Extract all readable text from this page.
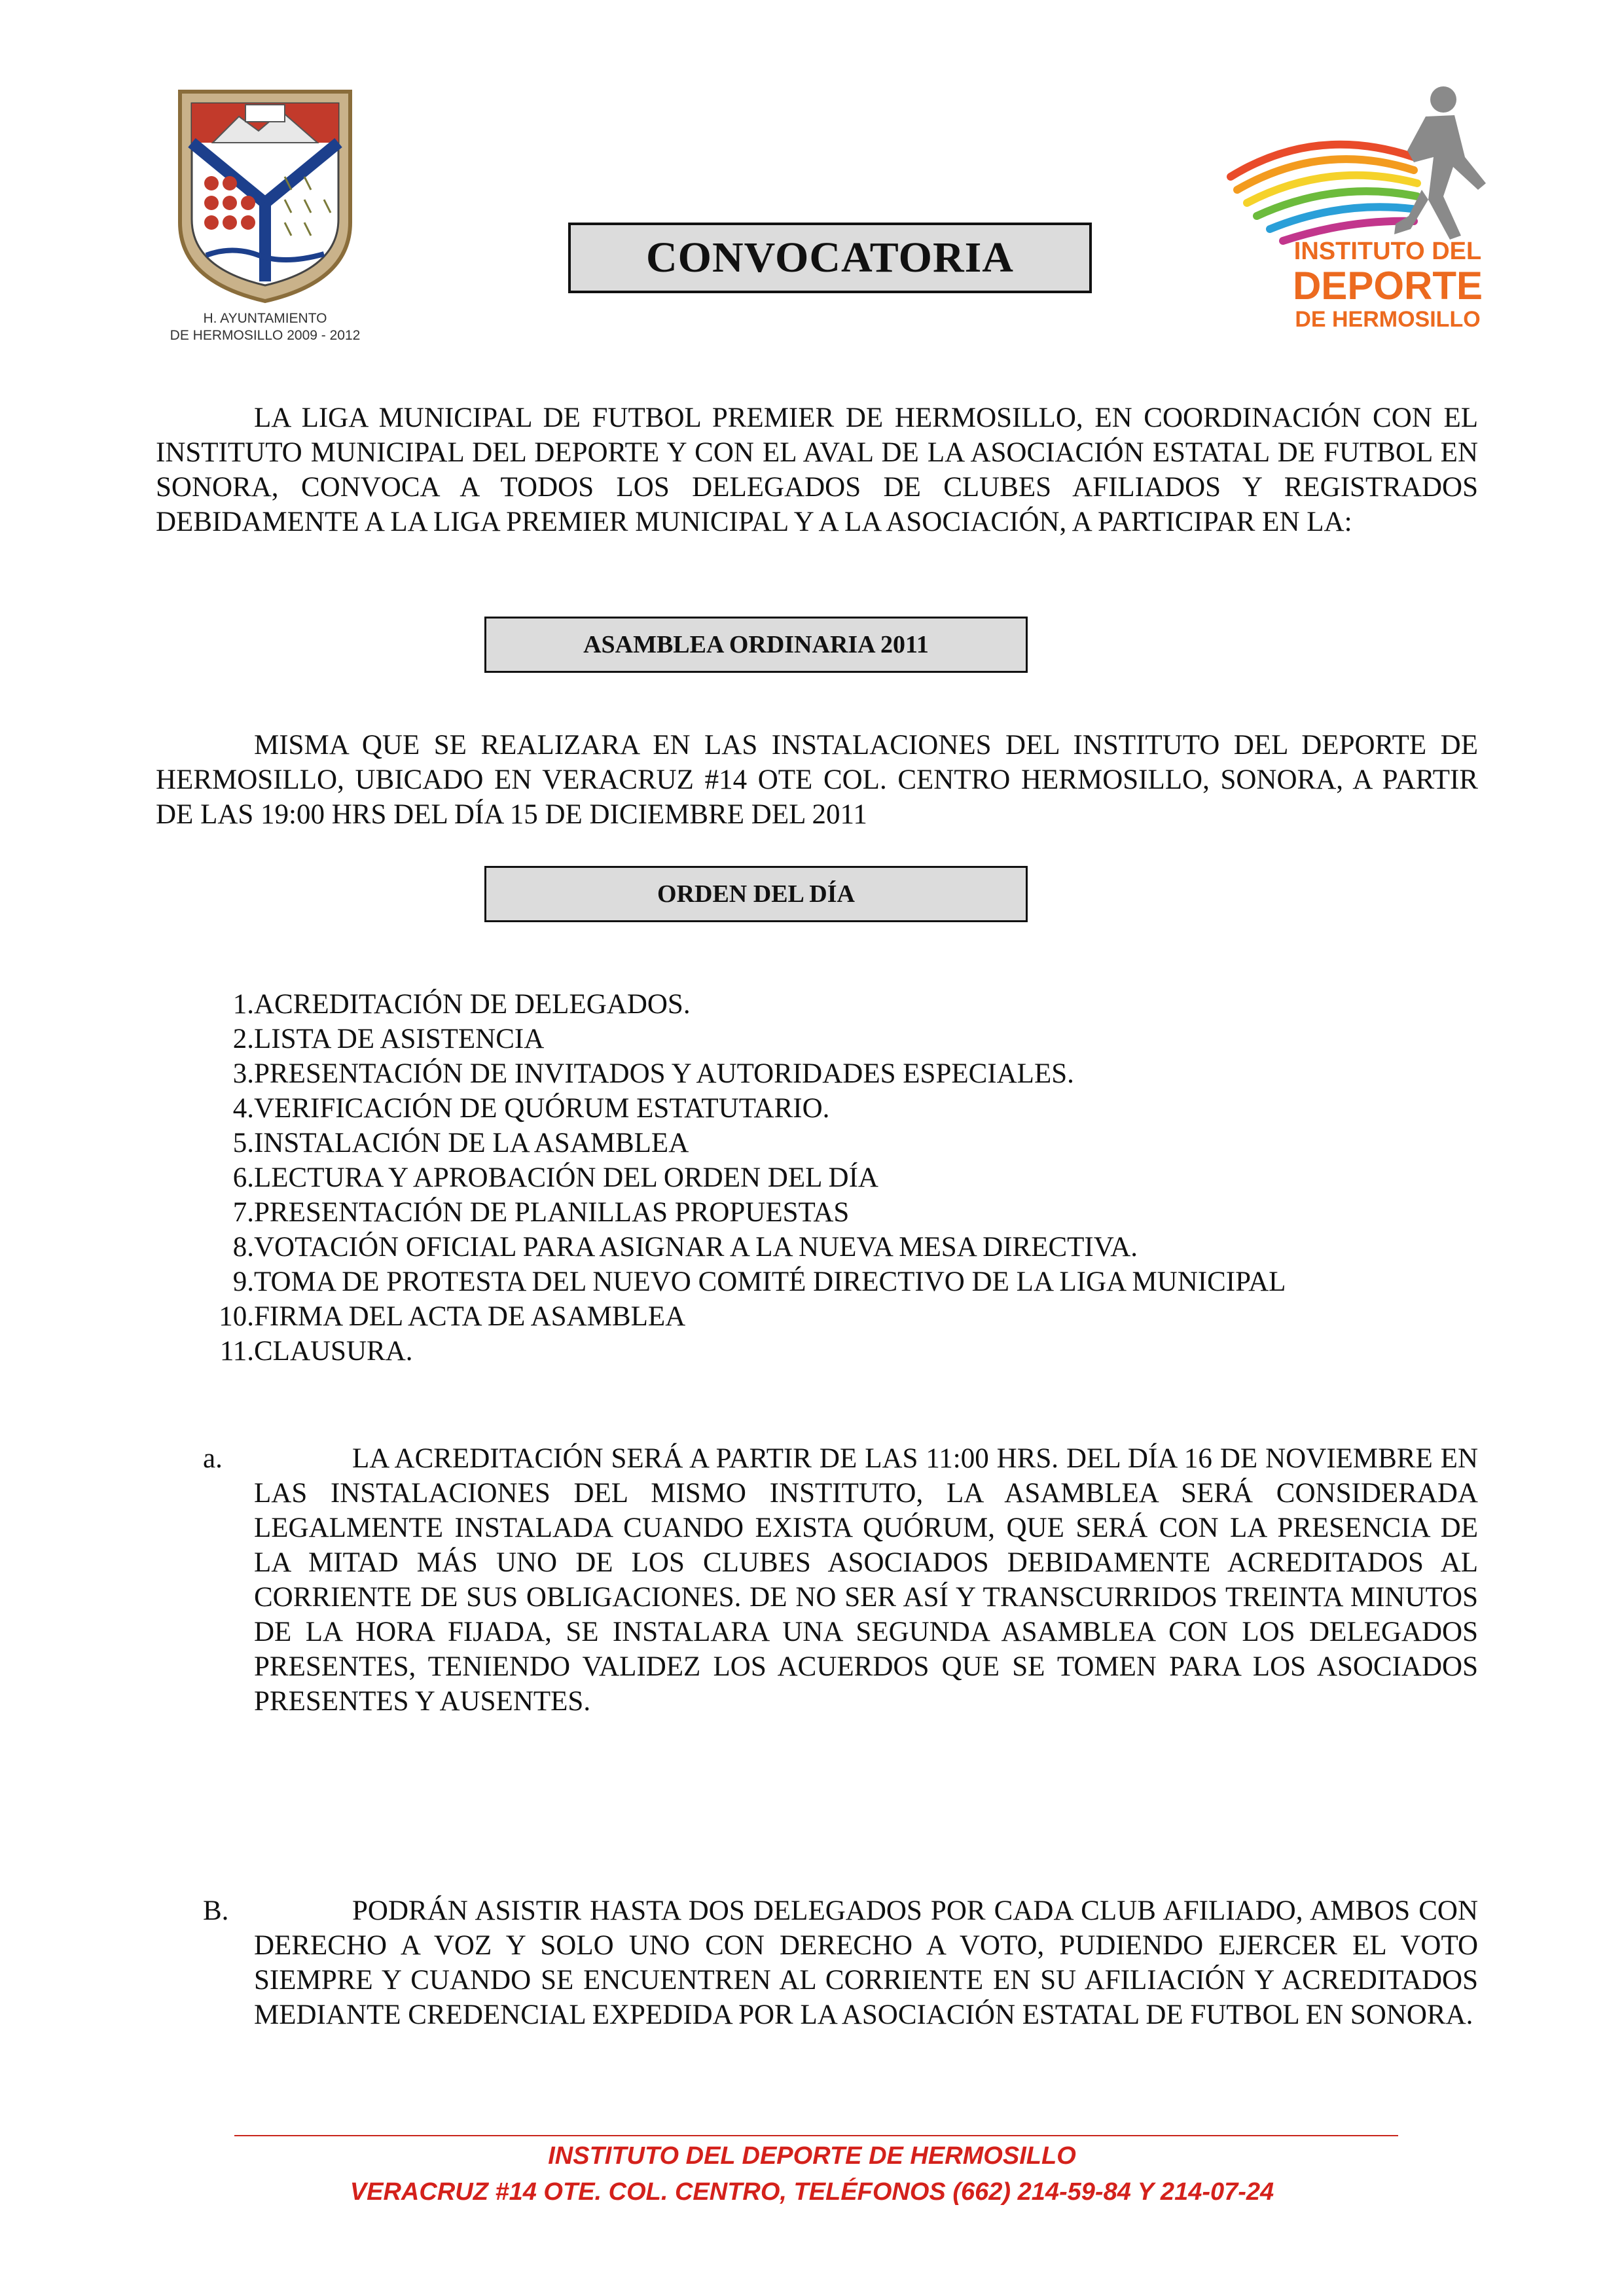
H. AYUNTAMIENTO
DE HERMOSILLO 2009 - 2012
CONVOCATORIA	INSTITUTO DEL
DEPORTE
DE HERMOSILLO
LA LIGA MUNICIPAL DE FUTBOL PREMIER DE HERMOSILLO, EN COORDINACIÓN CON EL INSTITUTO MUNICIPAL DEL DEPORTE Y CON EL AVAL DE LA ASOCIACIÓN ESTATAL DE FUTBOL EN SONORA, CONVOCA A TODOS LOS DELEGADOS DE CLUBES AFILIADOS Y REGISTRADOS DEBIDAMENTE A LA LIGA PREMIER MUNICIPAL Y A LA ASOCIACIÓN, A PARTICIPAR EN LA:
ASAMBLEA ORDINARIA 2011
MISMA QUE SE REALIZARA EN LAS INSTALACIONES DEL INSTITUTO DEL DEPORTE DE HERMOSILLO, UBICADO EN VERACRUZ #14 OTE COL. CENTRO HERMOSILLO, SONORA, A PARTIR DE LAS 19:00 HRS DEL DÍA 15 DE DICIEMBRE DEL 2011
ORDEN DEL DÍA
1. ACREDITACIÓN DE DELEGADOS.
2. LISTA DE ASISTENCIA
3. PRESENTACIÓN DE INVITADOS Y AUTORIDADES ESPECIALES.
4. VERIFICACIÓN DE QUÓRUM ESTATUTARIO.
5. INSTALACIÓN DE LA ASAMBLEA
6. LECTURA Y APROBACIÓN DEL ORDEN DEL DÍA
7. PRESENTACIÓN DE PLANILLAS PROPUESTAS
8. VOTACIÓN OFICIAL PARA ASIGNAR A LA NUEVA MESA DIRECTIVA.
9. TOMA DE PROTESTA DEL NUEVO COMITÉ DIRECTIVO DE LA LIGA MUNICIPAL
10. FIRMA DEL ACTA DE ASAMBLEA
11. CLAUSURA.
a.	LA ACREDITACIÓN SERÁ A PARTIR DE LAS 11:00 HRS. DEL DÍA 16 DE NOVIEMBRE EN LAS INSTALACIONES DEL MISMO INSTITUTO, LA ASAMBLEA SERÁ CONSIDERADA LEGALMENTE INSTALADA CUANDO EXISTA QUÓRUM, QUE SERÁ CON LA PRESENCIA DE LA MITAD MÁS UNO DE LOS CLUBES ASOCIADOS DEBIDAMENTE ACREDITADOS AL CORRIENTE DE SUS OBLIGACIONES. DE NO SER ASÍ Y TRANSCURRIDOS TREINTA MINUTOS DE LA HORA FIJADA, SE INSTALARA UNA SEGUNDA ASAMBLEA CON LOS DELEGADOS PRESENTES, TENIENDO VALIDEZ LOS ACUERDOS QUE SE TOMEN PARA LOS ASOCIADOS PRESENTES Y AUSENTES.
B.	PODRÁN ASISTIR HASTA DOS DELEGADOS POR CADA CLUB AFILIADO, AMBOS CON DERECHO A VOZ Y SOLO UNO CON DERECHO A VOTO, PUDIENDO EJERCER EL VOTO SIEMPRE Y CUANDO SE ENCUENTREN AL CORRIENTE EN SU AFILIACIÓN Y ACREDITADOS MEDIANTE CREDENCIAL EXPEDIDA POR LA ASOCIACIÓN ESTATAL DE FUTBOL EN SONORA.
INSTITUTO DEL DEPORTE DE HERMOSILLO
VERACRUZ #14 OTE. COL. CENTRO, TELÉFONOS (662) 214-59-84 Y 214-07-24
